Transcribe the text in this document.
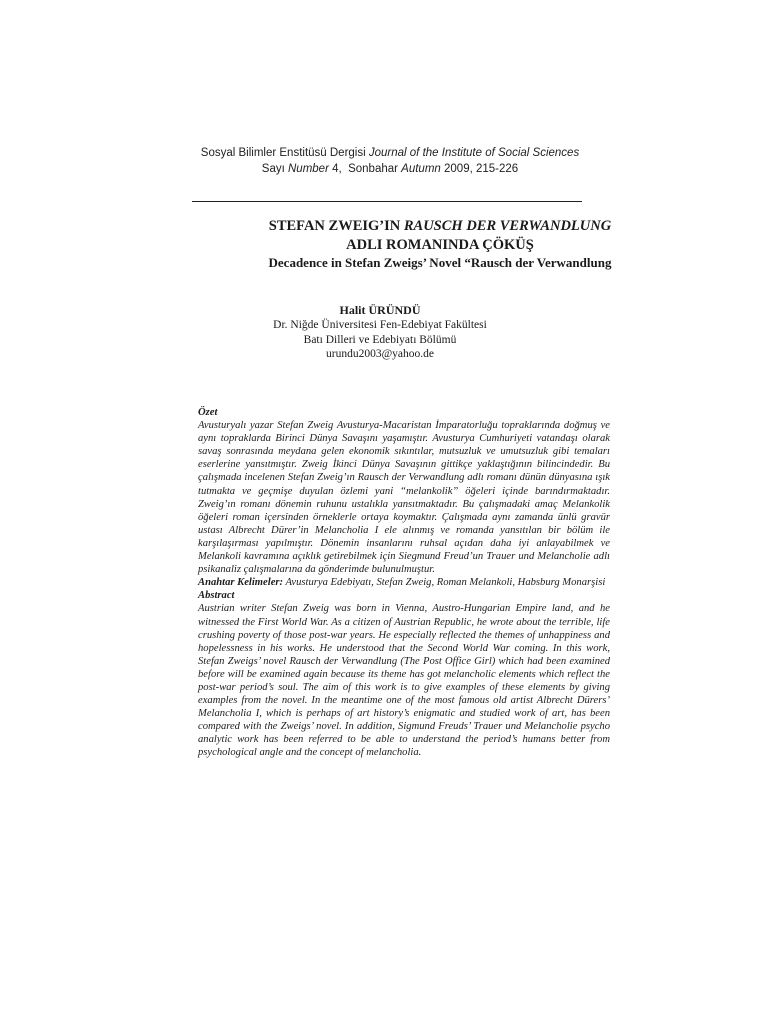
Sosyal Bilimler Enstitüsü Dergisi Journal of the Institute of Social Sciences
Sayı Number 4, Sonbahar Autumn 2009, 215-226
STEFAN ZWEIG’IN RAUSCH DER VERWANDLUNG
ADLI ROMANINDA ÇÖKÜŞ
Decadence in Stefan Zweigs’ Novel “Rausch der Verwandlung
Halit ÜRÜNDÜ
Dr. Niğde Üniversitesi Fen-Edebiyat Fakültesi
Batı Dilleri ve Edebiyatı Bölümü
urundu2003@yahoo.de
Özet
Avusturyalı yazar Stefan Zweig Avusturya-Macaristan İmparatorluğu topraklarında doğmuş ve aynı topraklarda Birinci Dünya Savaşını yaşamıştır. Avusturya Cumhuriyeti vatandaşı olarak savaş sonrasında meydana gelen ekonomik sıkıntılar, mutsuzluk ve umutsuzluk gibi temaları eserlerine yansıtmıştır. Zweig İkinci Dünya Savaşının gittikçe yaklaştığının bilincindedir. Bu çalışmada incelenen Stefan Zweig’ın Rausch der Verwandlung adlı romanı dünün dünyasına ışık tutmakta ve geçmişe duyulan özlemi yani “melankolik” öğeleri içinde barındırmaktadır. Zweig’ın romanı dönemin ruhunu ustalıkla yansıtmaktadır. Bu çalışmadaki amaç Melankolik öğeleri roman içersinden örneklerle ortaya koymaktır. Çalışmada aynı zamanda ünlü gravür ustası Albrecht Dürer’in Melancholia I ele alınmış ve romanda yansıtılan bir bölüm ile karşılaşırması yapılmıştır. Dönemin insanlarını ruhsal açıdan daha iyi anlayabilmek ve Melankoli kavramına açıklık getirebilmek için Siegmund Freud’un Trauer und Melancholie adlı psikanaliz çalışmalarına da gönderimde bulunulmuştur.
Anahtar Kelimeler: Avusturya Edebiyatı, Stefan Zweig, Roman Melankoli, Habsburg Monarşisi
Abstract
Austrian writer Stefan Zweig was born in Vienna, Austro-Hungarian Empire land, and he witnessed the First World War. As a citizen of Austrian Republic, he wrote about the terrible, life crushing poverty of those post-war years. He especially reflected the themes of unhappiness and hopelessness in his works. He understood that the Second World War coming. In this work, Stefan Zweigs’ novel Rausch der Verwandlung (The Post Office Girl) which had been examined before will be examined again because its theme has got melancholic elements which reflect the post-war period’s soul. The aim of this work is to give examples of these elements by giving examples from the novel. In the meantime one of the most famous old artist Albrecht Dürers’ Melancholia I, which is perhaps of art history’s enigmatic and studied work of art, has been compared with the Zweigs’ novel. In addition, Sigmund Freuds’ Trauer und Melancholie psycho analytic work has been referred to be able to understand the period’s humans better from psychological angle and the concept of melancholia.
